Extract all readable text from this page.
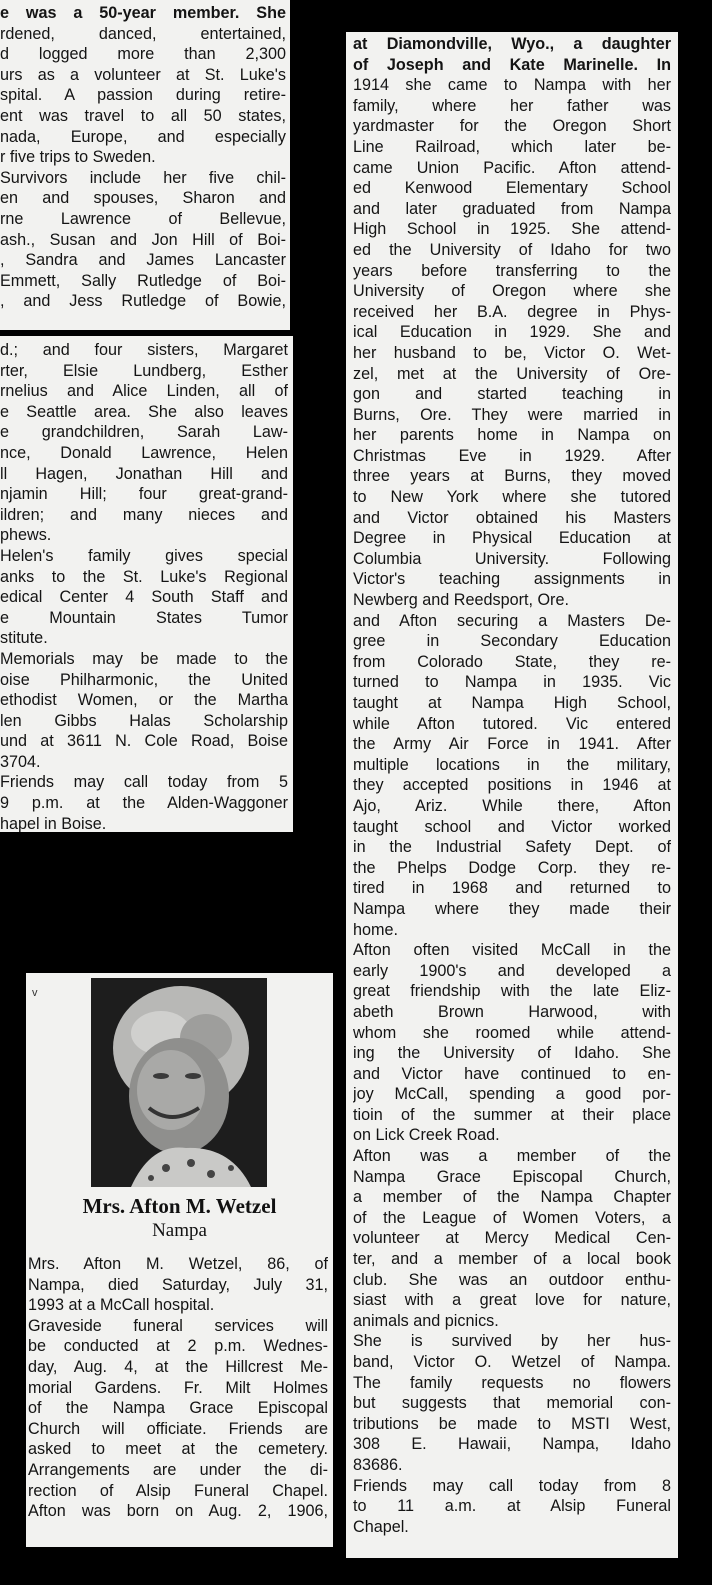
e was a 50-year member. She
rdened, danced, entertained,
d logged more than 2,300
urs as a volunteer at St. Luke's
spital. A passion during retire-
ent was travel to all 50 states,
nada, Europe, and especially
r five trips to Sweden.
Survivors include her five chil-
en and spouses, Sharon and
rne Lawrence of Bellevue,
ash., Susan and Jon Hill of Boi-
, Sandra and James Lancaster
Emmett, Sally Rutledge of Boi-
, and Jess Rutledge of Bowie,
d.; and four sisters, Margaret
rter, Elsie Lundberg, Esther
rnelius and Alice Linden, all of
e Seattle area. She also leaves
e grandchildren, Sarah Law-
nce, Donald Lawrence, Helen
ll Hagen, Jonathan Hill and
njamin Hill; four great-grand-
ildren; and many nieces and
phews.
Helen's family gives special
anks to the St. Luke's Regional
edical Center 4 South Staff and
e Mountain States Tumor
stitute.
Memorials may be made to the
oise Philharmonic, the United
ethodist Women, or the Martha
len Gibbs Halas Scholarship
und at 3611 N. Cole Road, Boise
3704.
Friends may call today from 5
9 p.m. at the Alden-Waggoner
hapel in Boise.
v

Mrs. Afton M. Wetzel

Nampa

Mrs. Afton M. Wetzel, 86, of
Nampa, died Saturday, July 31,
1993 at a McCall hospital.
Graveside funeral services will
be conducted at 2 p.m. Wednes-
day, Aug. 4, at the Hillcrest Me-
morial Gardens. Fr. Milt Holmes
of the Nampa Grace Episcopal
Church will officiate. Friends are
asked to meet at the cemetery.
Arrangements are under the di-
rection of Alsip Funeral Chapel.
Afton was born on Aug. 2, 1906,
at Diamondville, Wyo., a daughter
of Joseph and Kate Marinelle. In
1914 she came to Nampa with her
family, where her father was
yardmaster for the Oregon Short
Line Railroad, which later be-
came Union Pacific. Afton attend-
ed Kenwood Elementary School
and later graduated from Nampa
High School in 1925. She attend-
ed the University of Idaho for two
years before transferring to the
University of Oregon where she
received her B.A. degree in Phys-
ical Education in 1929. She and
her husband to be, Victor O. Wet-
zel, met at the University of Ore-
gon and started teaching in
Burns, Ore. They were married in
her parents home in Nampa on
Christmas Eve in 1929. After
three years at Burns, they moved
to New York where she tutored
and Victor obtained his Masters
Degree in Physical Education at
Columbia University. Following
Victor's teaching assignments in
Newberg and Reedsport, Ore.
and Afton securing a Masters De-
gree in Secondary Education
from Colorado State, they re-
turned to Nampa in 1935. Vic
taught at Nampa High School,
while Afton tutored. Vic entered
the Army Air Force in 1941. After
multiple locations in the military,
they accepted positions in 1946 at
Ajo, Ariz. While there, Afton
taught school and Victor worked
in the Industrial Safety Dept. of
the Phelps Dodge Corp. they re-
tired in 1968 and returned to
Nampa where they made their
home.
Afton often visited McCall in the
early 1900's and developed a
great friendship with the late Eliz-
abeth Brown Harwood, with
whom she roomed while attend-
ing the University of Idaho. She
and Victor have continued to en-
joy McCall, spending a good por-
tioin of the summer at their place
on Lick Creek Road.
Afton was a member of the
Nampa Grace Episcopal Church,
a member of the Nampa Chapter
of the League of Women Voters, a
volunteer at Mercy Medical Cen-
ter, and a member of a local book
club. She was an outdoor enthu-
siast with a great love for nature,
animals and picnics.
She is survived by her hus-
band, Victor O. Wetzel of Nampa.
The family requests no flowers
but suggests that memorial con-
tributions be made to MSTI West,
308 E. Hawaii, Nampa, Idaho
83686.
Friends may call today from 8
to 11 a.m. at Alsip Funeral
Chapel.
